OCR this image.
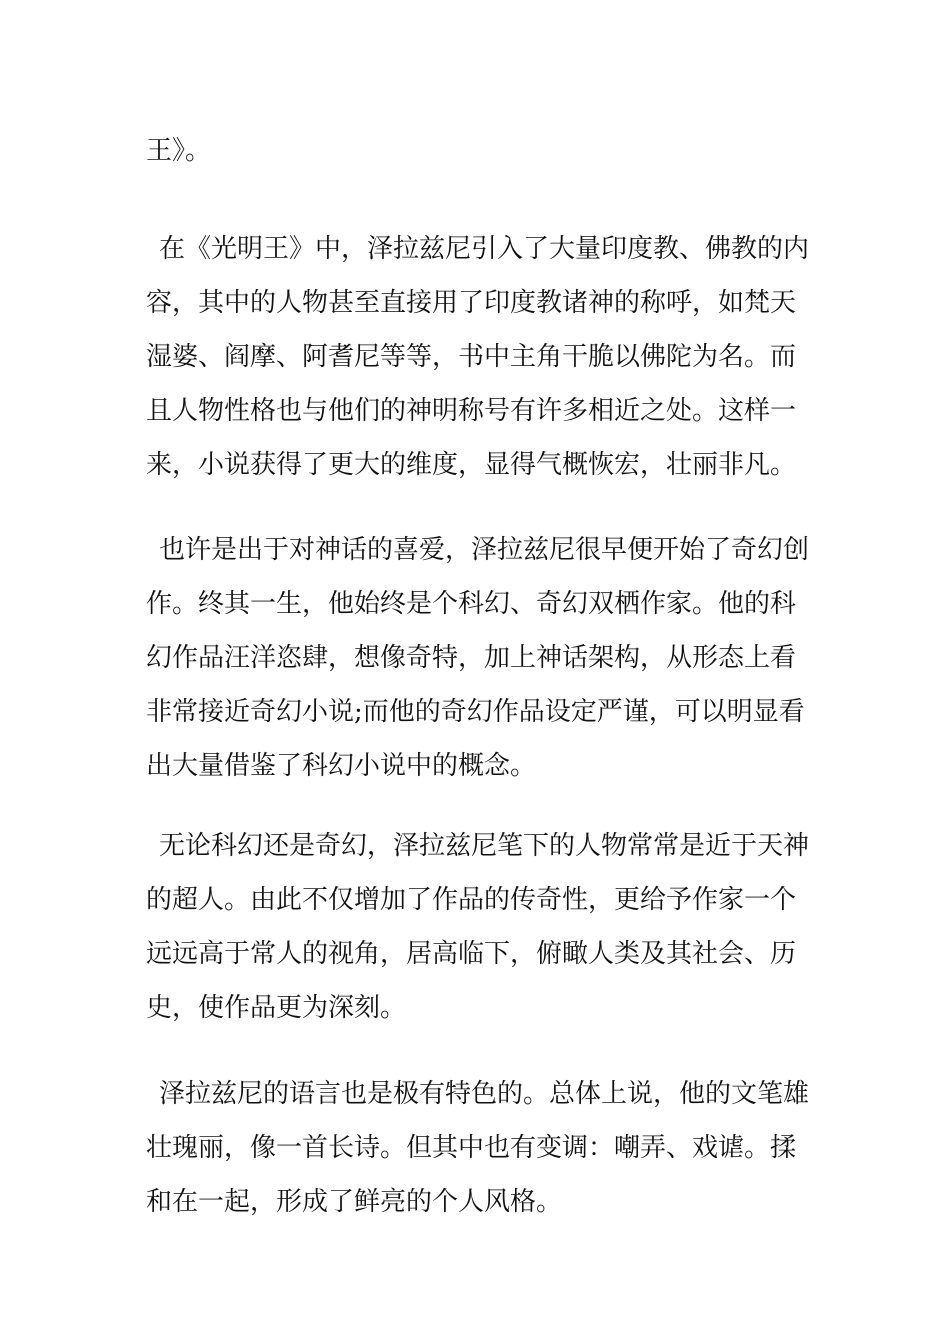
王》。
在《光明王》中，泽拉兹尼引入了大量印度教、佛教的内
容，其中的人物甚至直接用了印度教诸神的称呼，如梵天
湿婆、阎摩、阿耆尼等等，书中主角干脆以佛陀为名。而
且人物性格也与他们的神明称号有许多相近之处。这样一
来，小说获得了更大的维度，显得气概恢宏，壮丽非凡。
也许是出于对神话的喜爱，泽拉兹尼很早便开始了奇幻创
作。终其一生，他始终是个科幻、奇幻双栖作家。他的科
幻作品汪洋恣肆，想像奇特，加上神话架构，从形态上看
非常接近奇幻小说;而他的奇幻作品设定严谨，可以明显看
出大量借鉴了科幻小说中的概念。
无论科幻还是奇幻，泽拉兹尼笔下的人物常常是近于天神
的超人。由此不仅增加了作品的传奇性，更给予作家一个
远远高于常人的视角，居高临下，俯瞰人类及其社会、历
史，使作品更为深刻。
泽拉兹尼的语言也是极有特色的。总体上说，他的文笔雄
壮瑰丽，像一首长诗。但其中也有变调：嘲弄、戏谑。揉
和在一起，形成了鲜亮的个人风格。
